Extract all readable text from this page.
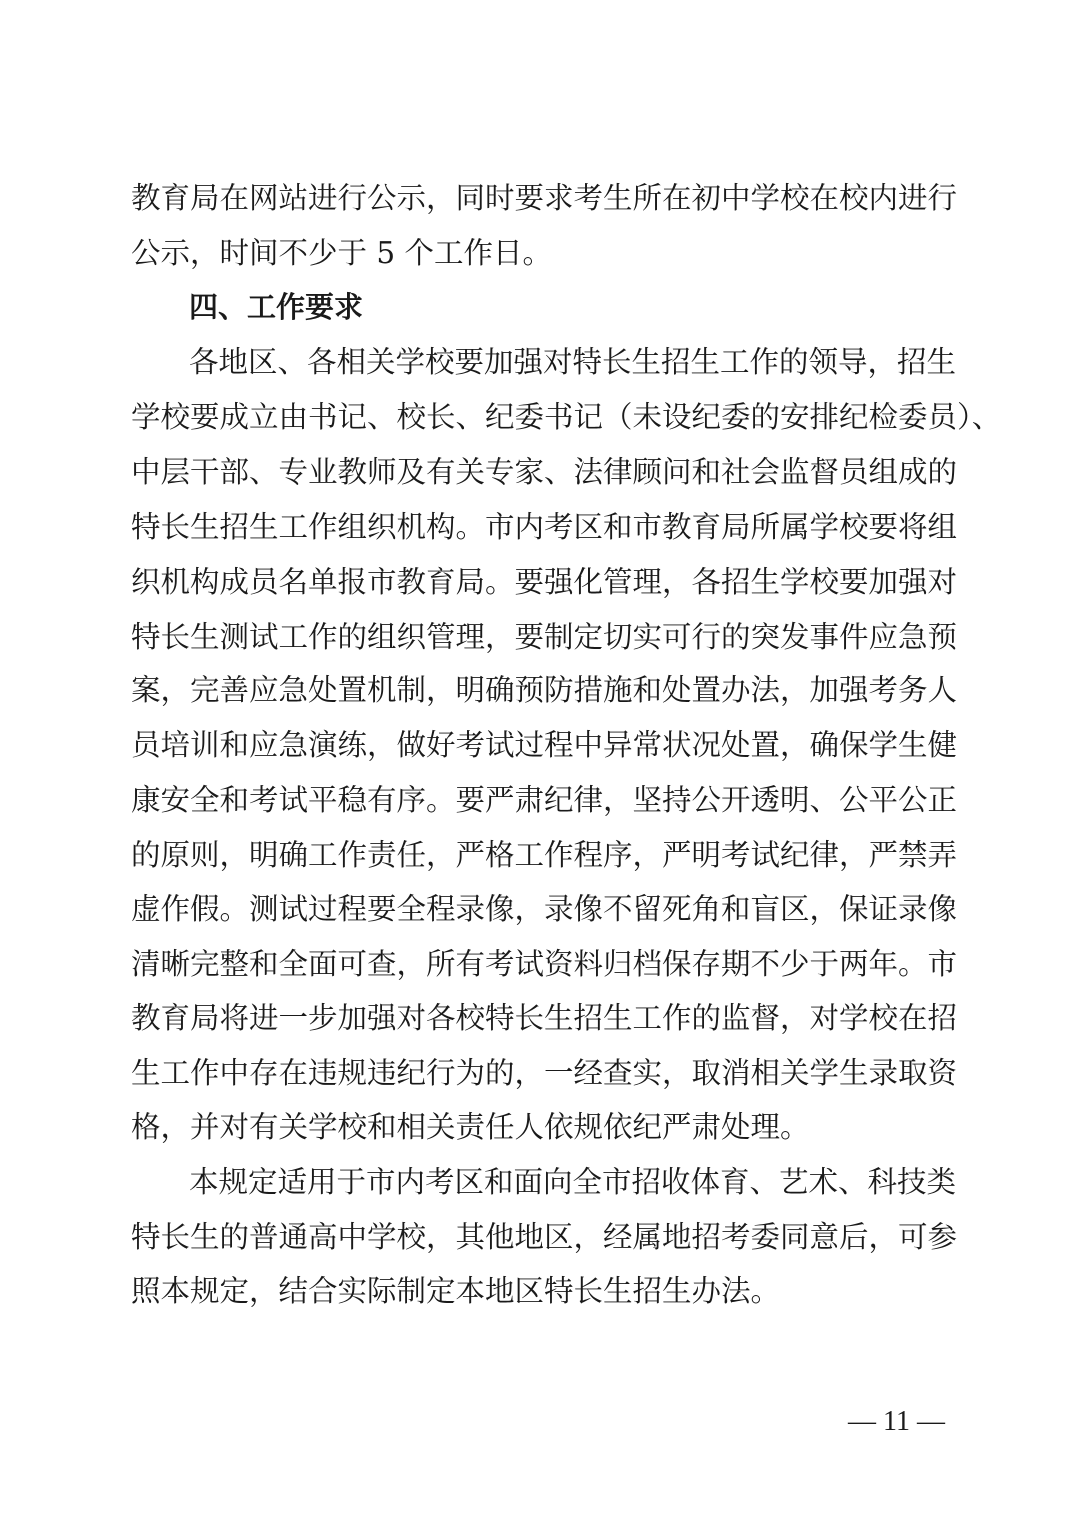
教育局在网站进行公示，同时要求考生所在初中学校在校内进行
公示，时间不少于 5 个工作日。
四、工作要求
各地区、各相关学校要加强对特长生招生工作的领导，招生
学校要成立由书记、校长、纪委书记（未设纪委的安排纪检委员）、
中层干部、专业教师及有关专家、法律顾问和社会监督员组成的
特长生招生工作组织机构。市内考区和市教育局所属学校要将组
织机构成员名单报市教育局。要强化管理，各招生学校要加强对
特长生测试工作的组织管理，要制定切实可行的突发事件应急预
案，完善应急处置机制，明确预防措施和处置办法，加强考务人
员培训和应急演练，做好考试过程中异常状况处置，确保学生健
康安全和考试平稳有序。要严肃纪律，坚持公开透明、公平公正
的原则，明确工作责任，严格工作程序，严明考试纪律，严禁弄
虚作假。测试过程要全程录像，录像不留死角和盲区，保证录像
清晰完整和全面可查，所有考试资料归档保存期不少于两年。市
教育局将进一步加强对各校特长生招生工作的监督，对学校在招
生工作中存在违规违纪行为的，一经查实，取消相关学生录取资
格，并对有关学校和相关责任人依规依纪严肃处理。
本规定适用于市内考区和面向全市招收体育、艺术、科技类
特长生的普通高中学校，其他地区，经属地招考委同意后，可参
照本规定，结合实际制定本地区特长生招生办法。
— 11 —
